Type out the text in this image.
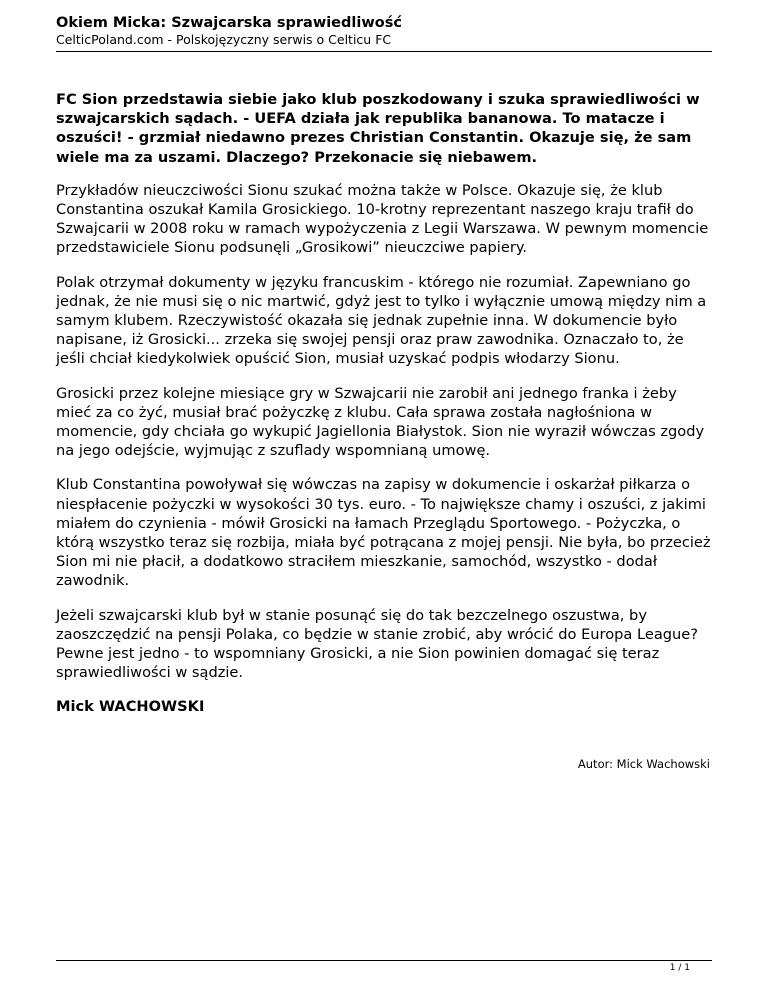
Okiem Micka: Szwajcarska sprawiedliwość

CelticPoland.com - Polskojęzyczny serwis o Celticu FC

FC Sion przedstawia siebie jako klub poszkodowany i szuka sprawiedliwości w szwajcarskich sądach. - UEFA działa jak republika bananowa. To matacze i oszuści! - grzmiał niedawno prezes Christian Constantin. Okazuje się, że sam wiele ma za uszami. Dlaczego? Przekonacie się niebawem.

Przykładów nieuczciwości Sionu szukać można także w Polsce. Okazuje się, że klub Constantina oszukał Kamila Grosickiego. 10-krotny reprezentant naszego kraju trafił do Szwajcarii w 2008 roku w ramach wypożyczenia z Legii Warszawa. W pewnym momencie przedstawiciele Sionu podsunęli „Grosikowi” nieuczciwe papiery.

Polak otrzymał dokumenty w języku francuskim - którego nie rozumiał. Zapewniano go jednak, że nie musi się o nic martwić, gdyż jest to tylko i wyłącznie umową między nim a samym klubem. Rzeczywistość okazała się jednak zupełnie inna. W dokumencie było napisane, iż Grosicki... zrzeka się swojej pensji oraz praw zawodnika. Oznaczało to, że jeśli chciał kiedykolwiek opuścić Sion, musiał uzyskać podpis włodarzy Sionu.

Grosicki przez kolejne miesiące gry w Szwajcarii nie zarobił ani jednego franka i żeby mieć za co żyć, musiał brać pożyczkę z klubu. Cała sprawa została nagłośniona w momencie, gdy chciała go wykupić Jagiellonia Białystok. Sion nie wyraził wówczas zgody na jego odejście, wyjmując z szuflady wspomnianą umowę.

Klub Constantina powoływał się wówczas na zapisy w dokumencie i oskarżał piłkarza o niespłacenie pożyczki w wysokości 30 tys. euro. - To największe chamy i oszuści, z jakimi miałem do czynienia - mówił Grosicki na łamach Przeglądu Sportowego. - Pożyczka, o którą wszystko teraz się rozbija, miała być potrącana z mojej pensji. Nie była, bo przecież Sion mi nie płacił, a dodatkowo straciłem mieszkanie, samochód, wszystko - dodał zawodnik.

Jeżeli szwajcarski klub był w stanie posunąć się do tak bezczelnego oszustwa, by zaoszczędzić na pensji Polaka, co będzie w stanie zrobić, aby wrócić do Europa League? Pewne jest jedno - to wspomniany Grosicki, a nie Sion powinien domagać się teraz sprawiedliwości w sądzie.

Mick WACHOWSKI

Autor: Mick Wachowski
1 / 1
